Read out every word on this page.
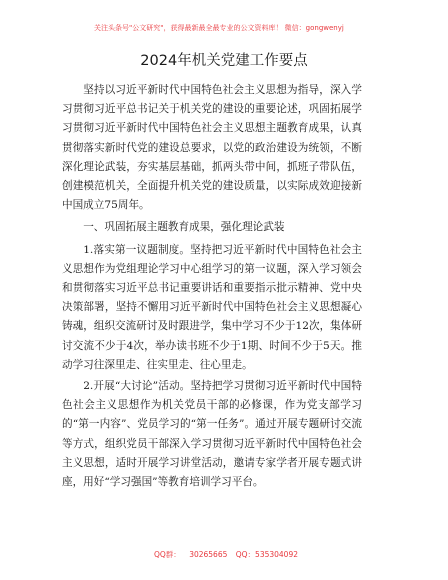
关注头条号"公文研究"，获得最新最全最专业的公文资料库！ 微信：gongwenyj
2024年机关党建工作要点

坚持以习近平新时代中国特色社会主义思想为指导，深入学习贯彻习近平总书记关于机关党的建设的重要论述，巩固拓展学习贯彻习近平新时代中国特色社会主义思想主题教育成果，认真贯彻落实新时代党的建设总要求，以党的政治建设为统领，不断深化理论武装，夯实基层基础，抓两头带中间，抓班子带队伍，创建模范机关，全面提升机关党的建设质量，以实际成效迎接新中国成立75周年。

一、巩固拓展主题教育成果，强化理论武装

1.落实第一议题制度。坚持把习近平新时代中国特色社会主义思想作为党组理论学习中心组学习的第一议题，深入学习领会和贯彻落实习近平总书记重要讲话和重要指示批示精神、党中央决策部署，坚持不懈用习近平新时代中国特色社会主义思想凝心铸魂，组织交流研讨及时跟进学，集中学习不少于12次，集体研讨交流不少于4次，举办读书班不少于1期、时间不少于5天。推动学习往深里走、往实里走、往心里走。

2.开展“大讨论”活动。坚持把学习贯彻习近平新时代中国特色社会主义思想作为机关党员干部的必修课，作为党支部学习的“第一内容”、党员学习的“第一任务”。通过开展专题研讨交流等方式，组织党员干部深入学习贯彻习近平新时代中国特色社会主义思想，适时开展学习讲堂活动，邀请专家学者开展专题式讲座，用好“学习强国”等教育培训学习平台。

QQ群： 30265665 QQ：535304092
